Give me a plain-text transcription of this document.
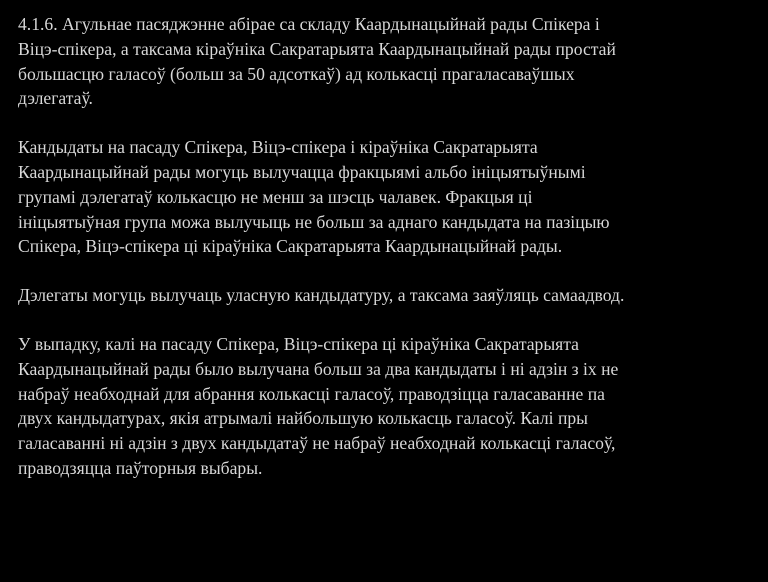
4.1.6. Агульнае пасяджэнне абірае са складу Каардынацыйнай рады Спікера і
Віцэ-спікера, а таксама кіраўніка Сакратарыята Каардынацыйнай рады простай
большасцю галасоў (больш за 50 адсоткаў) ад колькасці прагаласаваўшых
дэлегатаў.

Кандыдаты на пасаду Спікера, Віцэ-спікера і кіраўніка Сакратарыята
Каардынацыйнай рады могуць вылучацца фракцыямі альбо ініцыятыўнымі
групамі дэлегатаў колькасцю не менш за шэсць чалавек. Фракцыя ці
ініцыятыўная група можа вылучыць не больш за аднаго кандыдата на пазіцыю
Спікера, Віцэ-спікера ці кіраўніка Сакратарыята Каардынацыйнай рады.

Дэлегаты могуць вылучаць уласную кандыдатуру, а таксама заяўляць самаадвод.

У выпадку, калі на пасаду Спікера, Віцэ-спікера ці кіраўніка Сакратарыята
Каардынацыйнай рады было вылучана больш за два кандыдаты і ні адзін з іх не
набраў неабходнай для абрання колькасці галасоў, праводзіцца галасаванне па
двух кандыдатурах, якія атрымалі найбольшую колькасць галасоў. Калі пры
галасаванні ні адзін з двух кандыдатаў не набраў неабходнай колькасці галасоў,
праводзяцца паўторныя выбары.
